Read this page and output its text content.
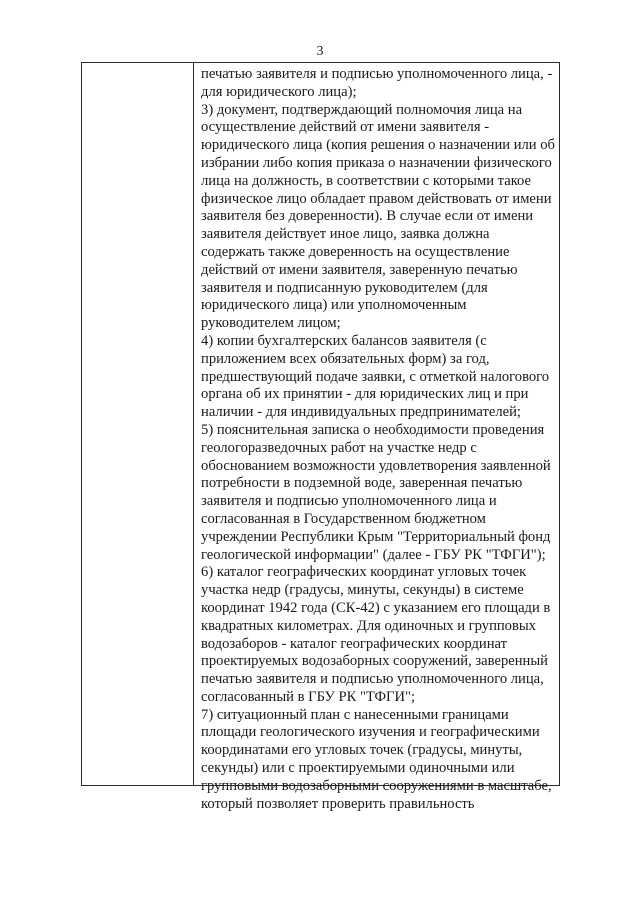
3
печатью заявителя и подписью уполномоченного лица, -
для юридического лица);
3) документ, подтверждающий полномочия лица на
осуществление действий от имени заявителя -
юридического лица (копия решения о назначении или об
избрании либо копия приказа о назначении физического
лица на должность, в соответствии с которыми такое
физическое лицо обладает правом действовать от имени
заявителя без доверенности). В случае если от имени
заявителя действует иное лицо, заявка должна
содержать также доверенность на осуществление
действий от имени заявителя, заверенную печатью
заявителя и подписанную руководителем (для
юридического лица) или уполномоченным
руководителем лицом;
4) копии бухгалтерских балансов заявителя (с
приложением всех обязательных форм) за год,
предшествующий подаче заявки, с отметкой налогового
органа об их принятии - для юридических лиц и при
наличии - для индивидуальных предпринимателей;
5) пояснительная записка о необходимости проведения
геологоразведочных работ на участке недр с
обоснованием возможности удовлетворения заявленной
потребности в подземной воде, заверенная печатью
заявителя и подписью уполномоченного лица и
согласованная в Государственном бюджетном
учреждении Республики Крым "Территориальный фонд
геологической информации" (далее - ГБУ РК "ТФГИ");
6) каталог географических координат угловых точек
участка недр (градусы, минуты, секунды) в системе
координат 1942 года (СК-42) с указанием его площади в
квадратных километрах. Для одиночных и групповых
водозаборов - каталог географических координат
проектируемых водозаборных сооружений, заверенный
печатью заявителя и подписью уполномоченного лица,
согласованный в ГБУ РК "ТФГИ";
7) ситуационный план с нанесенными границами
площади геологического изучения и географическими
координатами его угловых точек (градусы, минуты,
секунды) или с проектируемыми одиночными или
групповыми водозаборными сооружениями в масштабе,
который позволяет проверить правильность
